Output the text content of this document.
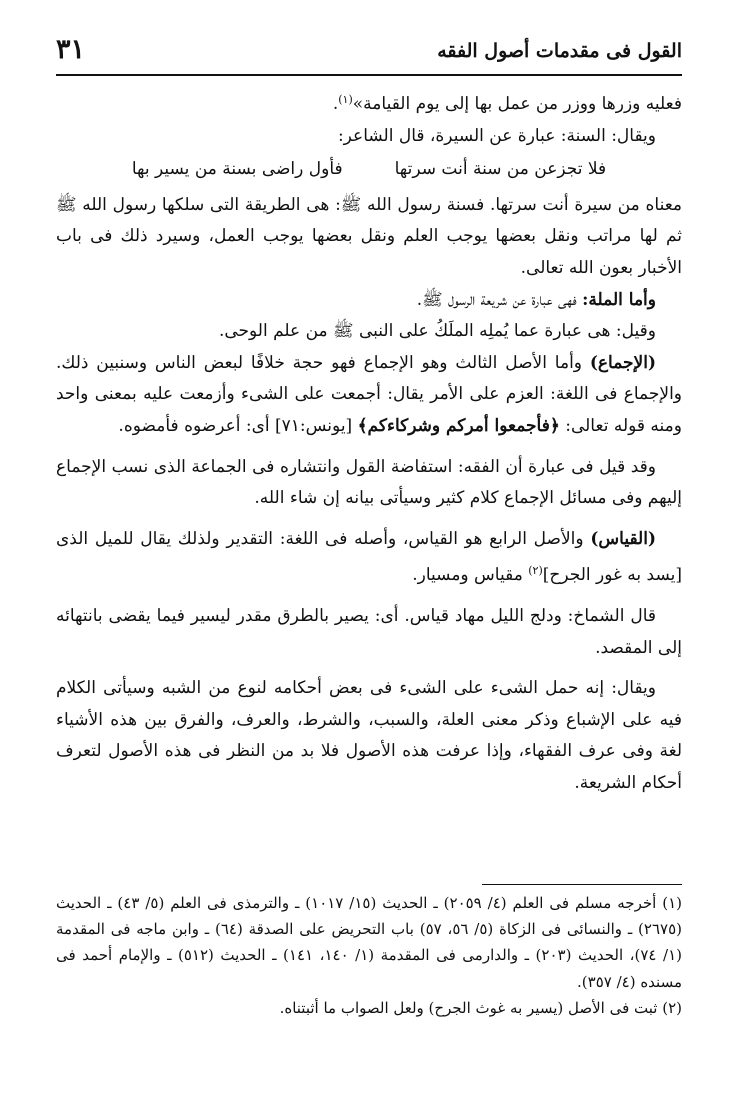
القول فى مقدمات أصول الفقه
٣١

فعليه وزرها ووزر من عمل بها إلى يوم القيامة»$^{(١)}$.

ويقال: السنة: عبارة عن السيرة، قال الشاعر:

فلا تجزعن من سنة أنت سرتها
فأول راضى بسنة من يسير بها

معناه من سيرة أنت سرتها. فسنة رسول الله ﷺ: هى الطريقة التى سلكها رسول الله ﷺ ثم لها مراتب ونقل بعضها يوجب العلم ونقل بعضها يوجب العمل، وسيرد ذلك فى باب الأخبار بعون الله تعالى.

وأما الملة: فهى عبارة عن شريعة الرسول ﷺ.

وقيل: هى عبارة عما يُملِه الملَكُ على النبى ﷺ من علم الوحى.

(الإجماع) وأما الأصل الثالث وهو الإجماع فهو حجة خلافًا لبعض الناس وسنبين ذلك. والإجماع فى اللغة: العزم على الأمر يقال: أجمعت على الشىء وأزمعت عليه بمعنى واحد ومنه قوله تعالى: ﴿فأجمعوا أمركم وشركاءكم﴾ [يونس:٧١] أى: أعرضوه فأمضوه.

وقد قيل فى عبارة أن الفقه: استفاضة القول وانتشاره فى الجماعة الذى نسب الإجماع إليهم وفى مسائل الإجماع كلام كثير وسيأتى بيانه إن شاء الله.

(القياس) والأصل الرابع هو القياس، وأصله فى اللغة: التقدير ولذلك يقال للميل الذى [يسد به غور الجرح]$^{(٢)}$ مقياس ومسيار.

قال الشماخ: ودلج الليل مهاد قياس. أى: يصير بالطرق مقدر ليسير فيما يقضى بانتهائه إلى المقصد.

ويقال: إنه حمل الشىء على الشىء فى بعض أحكامه لنوع من الشبه وسيأتى الكلام فيه على الإشباع وذكر معنى العلة، والسبب، والشرط، والعرف، والفرق بين هذه الأشياء لغة وفى عرف الفقهاء، وإذا عرفت هذه الأصول فلا بد من النظر فى هذه الأصول لتعرف أحكام الشريعة.

(١) أخرجه مسلم فى العلم (٤/ ٢٠٥٩) ـ الحديث (١٥/ ١٠١٧) ـ والترمذى فى العلم (٥/ ٤٣) ـ الحديث (٢٦٧٥) ـ والنسائى فى الزكاة (٥/ ٥٦، ٥٧) باب التحريض على الصدقة (٦٤) ـ وابن ماجه فى المقدمة (١/ ٧٤)، الحديث (٢٠٣) ـ والدارمى فى المقدمة (١/ ١٤٠، ١٤١) ـ الحديث (٥١٢) ـ والإمام أحمد فى مسنده (٤/ ٣٥٧).

(٢) ثبت فى الأصل (يسير به غوث الجرح) ولعل الصواب ما أثبتناه.
